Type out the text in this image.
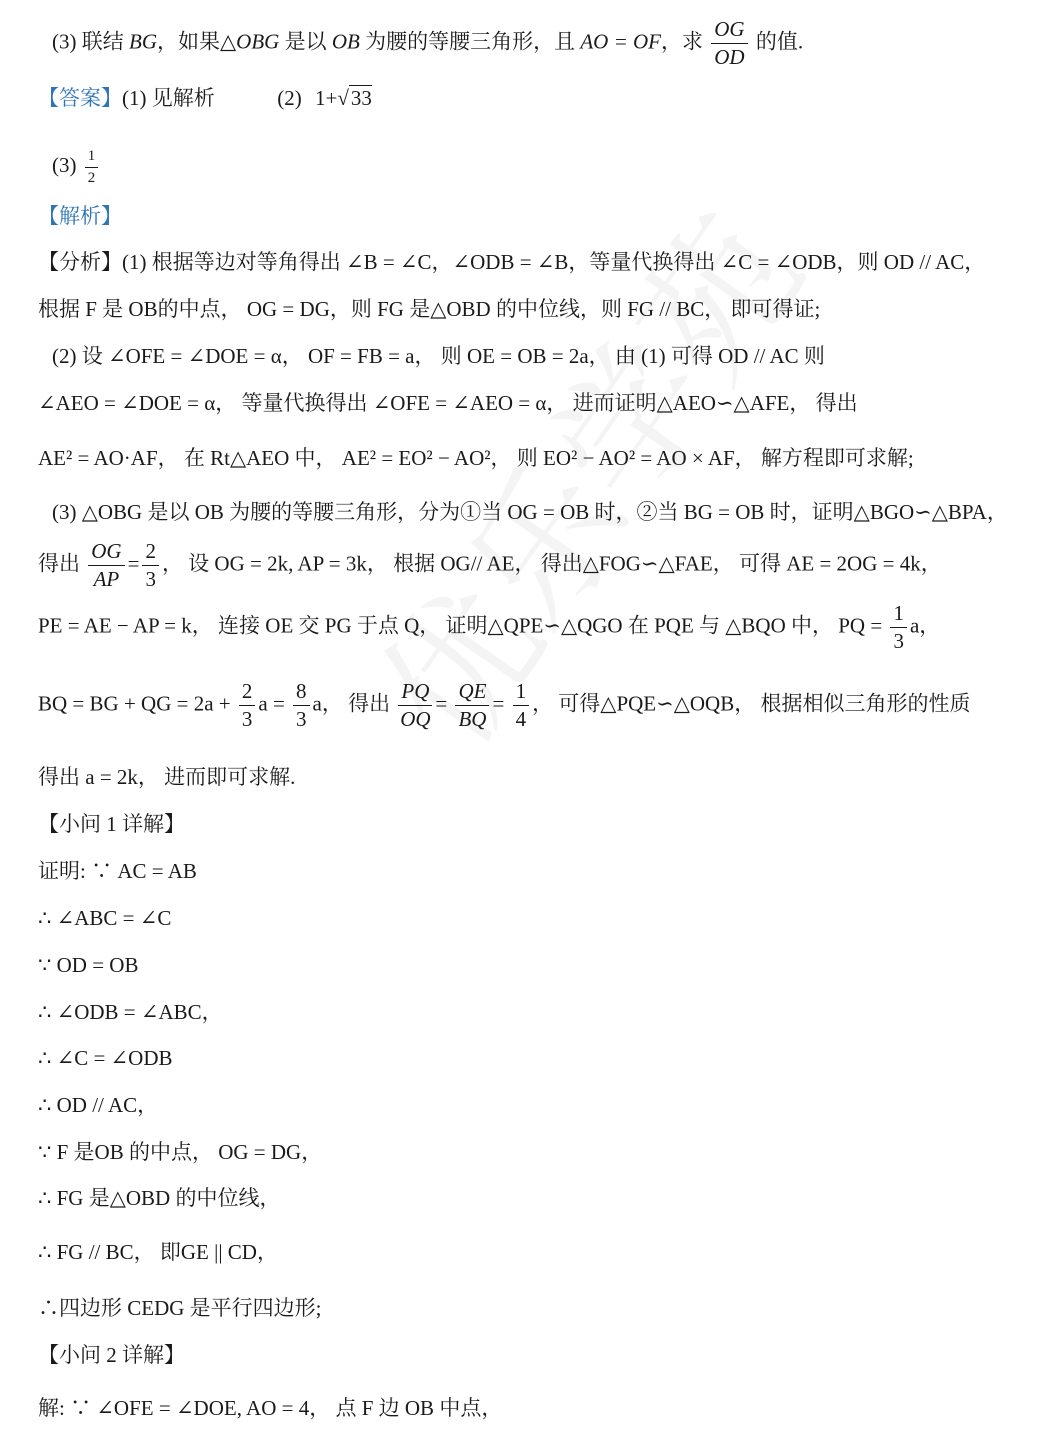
(3) 联结 BG，如果△OBG 是以 OB 为腰的等腰三角形，且 AO = OF，求 $\frac{OG}{OD}$ 的值.
【答案】(1) 见解析	(2) 1+√33
$(3) \frac{1}{2}$
【解析】
【分析】(1) 根据等边对等角得出 ∠B = ∠C，∠ODB = ∠B，等量代换得出 ∠C = ∠ODB，则 OD // AC，
根据 F 是 OB的中点， OG = DG，则 FG 是△OBD 的中位线，则 FG // BC， 即可得证;
(2) 设 ∠OFE = ∠DOE = α， OF = FB = a， 则 OE = OB = 2a， 由 (1) 可得 OD // AC 则
∠AEO = ∠DOE = α， 等量代换得出 ∠OFE = ∠AEO = α， 进而证明△AEO∽△AFE， 得出
AE² = AO·AF， 在 Rt△AEO 中， AE² = EO² − AO²， 则 EO² − AO² = AO × AF， 解方程即可求解;
(3) △OBG 是以 OB 为腰的等腰三角形，分为①当 OG = OB 时，②当 BG = OB 时，证明△BGO∽△BPA，
得出 $\frac{OG}{AP} = \frac{2}{3}$ ， 设 OG = 2k, AP = 3k， 根据 OG// AE， 得出△FOG∽△FAE， 可得 AE = 2OG = 4k，
PE = AE − AP = k， 连接 OE 交 PG 于点 Q， 证明△QPE∽△QGO 在 PQE 与 △BQO 中， PQ = $\frac{1}{3}$ a，
BQ = BG + QG = $2a + \frac{2}{3}$ $a = \frac{8}{3}$ a， 得出 $\frac{PQ}{OQ} = \frac{QE}{BQ} = \frac{1}{4}$ ， 可得△PQE∽△OQB， 根据相似三角形的性质
得出 a = 2k， 进而即可求解.
【小问 1 详解】
证明: ∵ AC = AB
∴ ∠ABC = ∠C
∵ OD = OB
∴ ∠ODB = ∠ABC，
∴ ∠C = ∠ODB
∴ OD // AC，
∵ F 是OB 的中点， OG = DG，
∴ FG 是△OBD 的中位线，
∴ FG // BC， 即GE || CD，
∴四边形 CEDG 是平行四边形;
【小问 2 详解】
解: ∵ ∠OFE = ∠DOE, AO = 4， 点 F 边 OB 中点，
